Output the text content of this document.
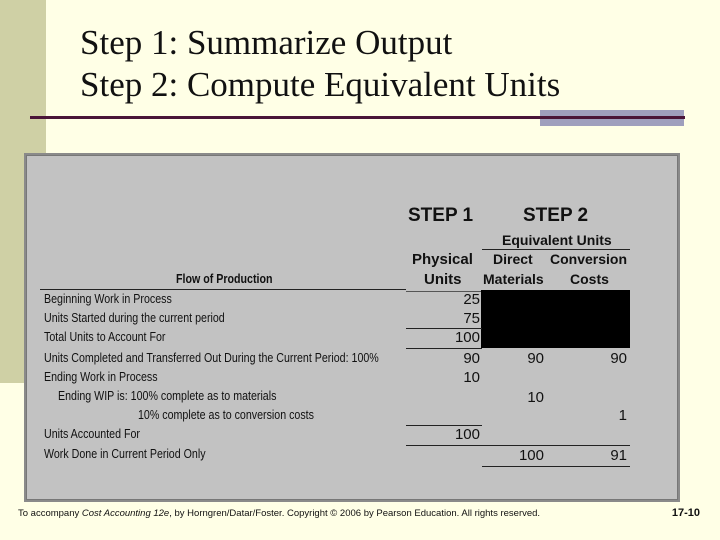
Step 1: Summarize Output
Step 2: Compute Equivalent Units
STEP 1	STEP 2
Equivalent Units
Physical
Units
Direct
Materials
Conversion
Costs
Flow of Production
Beginning Work in Process
Units Started during the current period
Total Units to Account For
Units Completed and Transferred Out During the Current Period: 100%
Ending Work in Process
Ending WIP is: 100% complete as to materials
10% complete as to conversion costs
Units Accounted For
Work Done in Current Period Only
25
75
100
90
10
100
90
10
100
90
1
91
To accompany Cost Accounting 12e, by Horngren/Datar/Foster. Copyright © 2006 by Pearson Education. All rights reserved.	17-10
